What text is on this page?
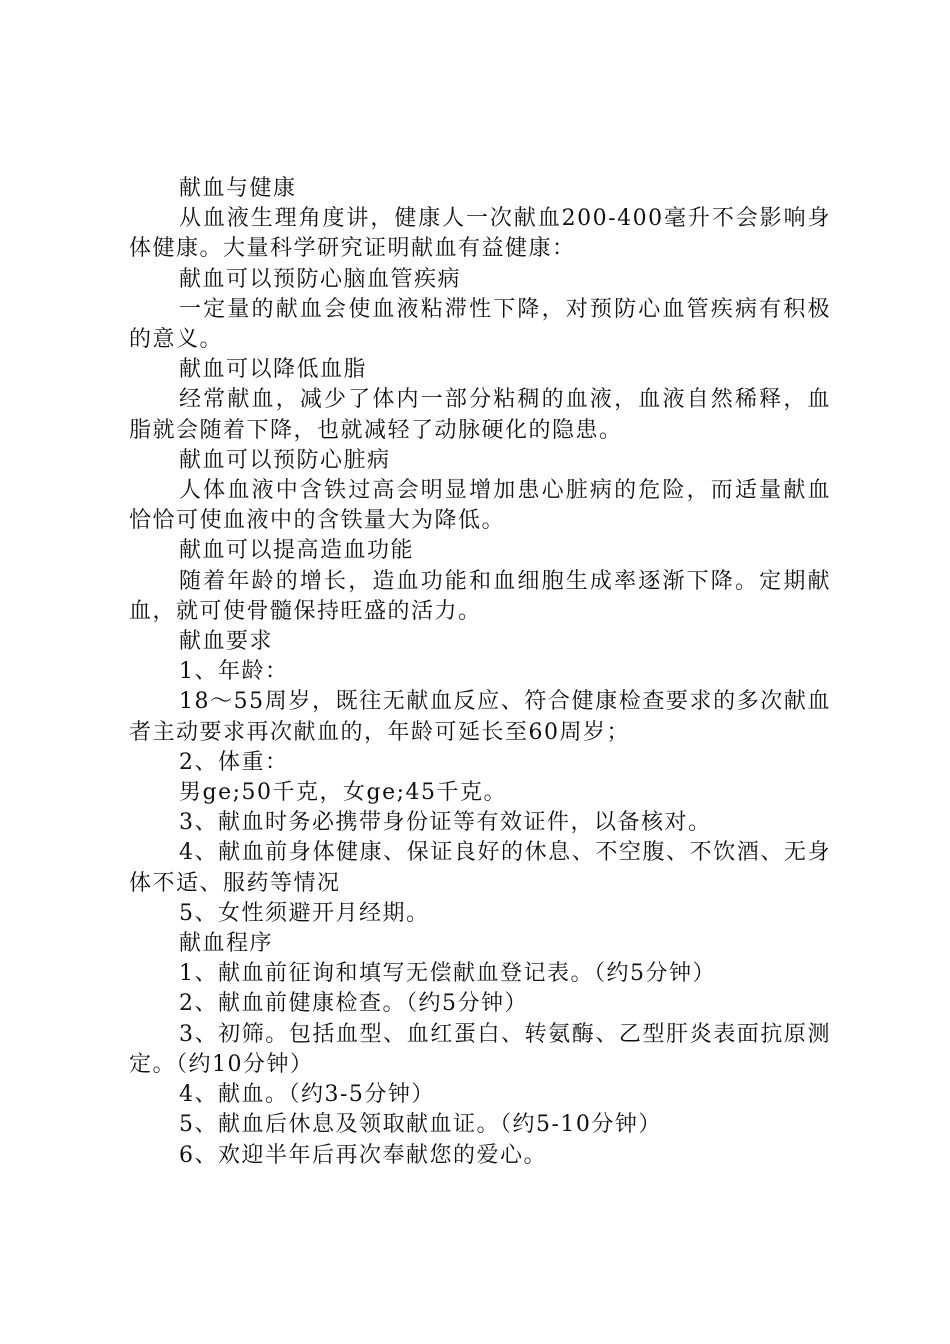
献血与健康

从血液生理角度讲，健康人一次献血200-400毫升不会影响身体健康。大量科学研究证明献血有益健康：

献血可以预防心脑血管疾病

一定量的献血会使血液粘滞性下降，对预防心血管疾病有积极的意义。

献血可以降低血脂

经常献血，减少了体内一部分粘稠的血液，血液自然稀释，血脂就会随着下降，也就减轻了动脉硬化的隐患。

献血可以预防心脏病

人体血液中含铁过高会明显增加患心脏病的危险，而适量献血恰恰可使血液中的含铁量大为降低。

献血可以提高造血功能

随着年龄的增长，造血功能和血细胞生成率逐渐下降。定期献血，就可使骨髓保持旺盛的活力。

献血要求

1、年龄：

18～55周岁，既往无献血反应、符合健康检查要求的多次献血者主动要求再次献血的，年龄可延长至60周岁；

2、体重：

男ge;50千克，女ge;45千克。

3、献血时务必携带身份证等有效证件，以备核对。

4、献血前身体健康、保证良好的休息、不空腹、不饮酒、无身体不适、服药等情况

5、女性须避开月经期。

献血程序

1、献血前征询和填写无偿献血登记表。（约5分钟）

2、献血前健康检查。（约5分钟）

3、初筛。包括血型、血红蛋白、转氨酶、乙型肝炎表面抗原测定。（约10分钟）

4、献血。（约3-5分钟）

5、献血后休息及领取献血证。（约5-10分钟）

6、欢迎半年后再次奉献您的爱心。
